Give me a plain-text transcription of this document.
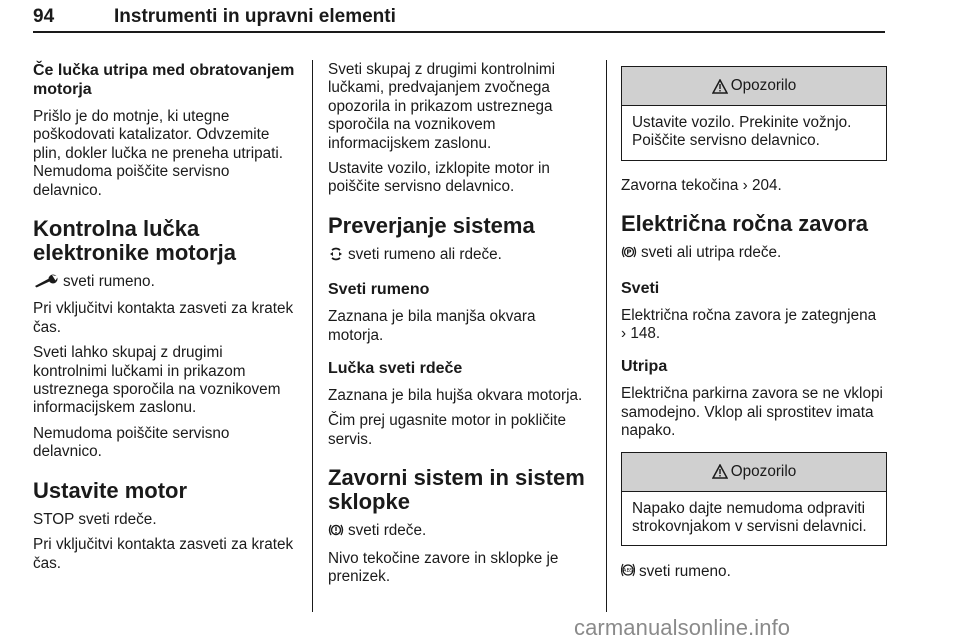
94	Instrumenti in upravni elementi
Če lučka utripa med obratovanjem motorja

Prišlo je do motnje, ki utegne poškodovati katalizator. Odvzemite plin, dokler lučka ne preneha utripati. Nemudoma poiščite servisno delavnico.

Kontrolna lučka elektronike motorja

sveti rumeno.

Pri vključitvi kontakta zasveti za kratek čas.

Sveti lahko skupaj z drugimi kontrolnimi lučkami in prikazom ustreznega sporočila na voznikovem informacijskem zaslonu.

Nemudoma poiščite servisno delavnico.

Ustavite motor

STOP sveti rdeče.

Pri vključitvi kontakta zasveti za kratek čas.

Sveti skupaj z drugimi kontrolnimi lučkami, predvajanjem zvočnega opozorila in prikazom ustreznega sporočila na voznikovem informacijskem zaslonu.

Ustavite vozilo, izklopite motor in poiščite servisno delavnico.

Preverjanje sistema

sveti rumeno ali rdeče.

Sveti rumeno

Zaznana je bila manjša okvara motorja.

Lučka sveti rdeče

Zaznana je bila hujša okvara motorja.

Čim prej ugasnite motor in pokličite servis.

Zavorni sistem in sistem sklopke

sveti rdeče.

Nivo tekočine zavore in sklopke je prenizek.

Opozorilo
Ustavite vozilo. Prekinite vožnjo. Poiščite servisno delavnico.

Zavorna tekočina › 204.

Električna ročna zavora

P sveti ali utripa rdeče.

Sveti

Električna ročna zavora je zategnjena
› 148.

Utripa

Električna parkirna zavora se ne vklopi samodejno. Vklop ali sprostitev imata napako.

Opozorilo
Napako dajte nemudoma odpraviti strokovnjakom v servisni delavnici.

ABS sveti rumeno.

carmanualsonline.info
